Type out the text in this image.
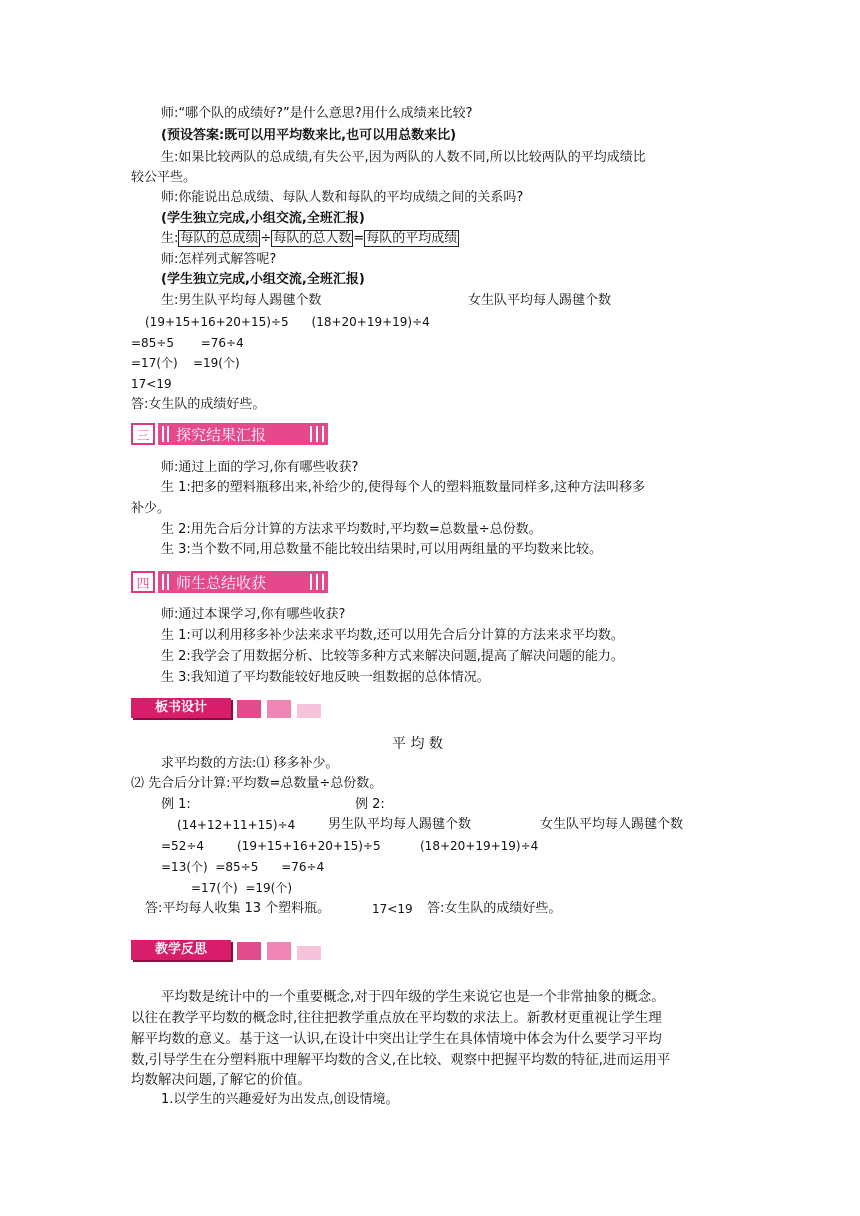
师:“哪个队的成绩好?”是什么意思?用什么成绩来比较?
(预设答案:既可以用平均数来比,也可以用总数来比)
生:如果比较两队的总成绩,有失公平,因为两队的人数不同,所以比较两队的平均成绩比
较公平些。
师:你能说出总成绩、每队人数和每队的平均成绩之间的关系吗?
(学生独立完成,小组交流,全班汇报)
生: 每队的总成绩 ÷ 每队的总人数 = 每队的平均成绩
师:怎样列式解答呢?
(学生独立完成,小组交流,全班汇报)
生:男生队平均每人踢毽个数	女生队平均每人踢毽个数
(19+15+16+20+15)÷5      (18+20+19+19)÷4
=85÷5       =76÷4
=17(个)    =19(个)
17<19
答:女生队的成绩好些。
三	探究结果汇报
师:通过上面的学习,你有哪些收获?
生 1:把多的塑料瓶移出来,补给少的,使得每个人的塑料瓶数量同样多,这种方法叫移多
补少。
生 2:用先合后分计算的方法求平均数时,平均数=总数量÷总份数。
生 3:当个数不同,用总数量不能比较出结果时,可以用两组量的平均数来比较。
四	师生总结收获
师:通过本课学习,你有哪些收获?
生 1:可以利用移多补少法来求平均数,还可以用先合后分计算的方法来求平均数。
生 2:我学会了用数据分析、比较等多种方式来解决问题,提高了解决问题的能力。
生 3:我知道了平均数能较好地反映一组数据的总体情况。
板书设计
平 均 数
求平均数的方法:⑴ 移多补少。
⑵ 先合后分计算:平均数=总数量÷总份数。
例 1:	例 2:
(14+12+11+15)÷4	男生队平均每人踢毽个数	女生队平均每人踢毽个数
=52÷4	(19+15+16+20+15)÷5	(18+20+19+19)÷4
=13(个)  =85÷5      =76÷4
=17(个)  =19(个)
答:平均每人收集 13 个塑料瓶。	17<19 答:女生队的成绩好些。
教学反思
平均数是统计中的一个重要概念,对于四年级的学生来说它也是一个非常抽象的概念。
以往在教学平均数的概念时,往往把教学重点放在平均数的求法上。新教材更重视让学生理
解平均数的意义。基于这一认识,在设计中突出让学生在具体情境中体会为什么要学习平均
数,引导学生在分塑料瓶中理解平均数的含义,在比较、观察中把握平均数的特征,进而运用平
均数解决问题,了解它的价值。
1.以学生的兴趣爱好为出发点,创设情境。
